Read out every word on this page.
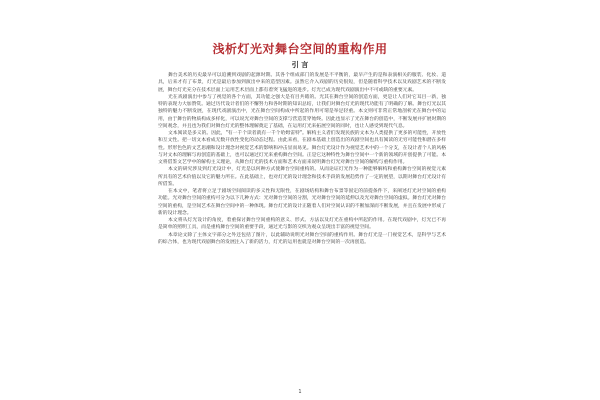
浅析灯光对舞台空间的重构作用
引 言

舞台美术的历史最早可以追溯到戏剧的起源时期。其各个组成部门的发展是不平衡的，最早产生的是和表演相关的服装、化妆、道具，后来才有了布景，灯光是最后参加到演出中来的造型因素。虽然它介入戏剧的历史很短，但是随着科学技术以及戏剧艺术的不断发展，舞台灯光充分在技术层面上运用艺术层面上都有着突飞猛进的进步。灯光已成为现代戏剧演出中不可或缺的重要元素。

光在戏剧演出中参与了视觉的各个方面，其功能之强大是有目共睹的。光其在舞台空间的创造方面，更是让人们对它耳目一新，独特的表现力大加赞赏。通过历代设计者们的不懈努力和各时期的知识总结，让我们对舞台灯光的现代功能有了明确的了解。舞台灯光以其独特的魅力不断发展，在现代戏剧演出中，光在舞台空间构成中所起的作用可谓是举足轻重。本文则可非常正常地剖析光在舞台中的运用，由于舞台的物质构成多样化，可以说光对舞台空间的支撑与营造贯穿始终。因此也显示了光在舞台的创造中，不断发展并扩展时期的空间观念，并且也为我们对舞台灯光的整体理解奠定了基础，在运用灯光来拓展空间的同时，也让人感受到现代气息。

文本阅读是多义的。因此，"有一千个读者就有一千个哈姆雷特"。解构主义者们发现民族的文本为人类提供了更多的可能性，开放性和互文性。把一切文本看成无数开放性变化的动态过程。由此来看，在剧本基础上创造出的戏剧空间也具有阅读的无穷可能性和潜在多样性。形形色色的文艺思潮和设计理念对视觉艺术的影响和冲击显而易见。舞台灯光设计作为视觉艺术中的一个分支，在设计者个人的风格与对文本的理解与再创造的基础上，也可以通过灯光来重构舞台空间。正是它这种特性为舞台空间中一个新的领域的开创提供了可能。本文将借鉴文艺学中的解构主义理论，从舞台灯光的技术方面和艺术方面来说明舞台灯光对舞台空间的解构与重构作用。

本文的研究涉及到灯光设计中，灯光是以何种方式使舞台空间重构的。从而论证灯光作为一种能够解构和重构舞台空间的视觉元素所具有的艺术价值以及它的魅力所在。在此基础上，也对灯光的设计理念和技术手段的发展趋势作了一定的展望，以期对舞台灯光设计有所借鉴。

在本文中，笔者将立足于剧场空间阅读的多义性和无限性，在剧场结构和舞台布景等固定的前提条件下，来阐述灯光对空间的重构功能。光对舞台空间的重构可分为以下几种方式：光对舞台空间的分割，光对舞台空间的延伸以及光对舞台空间的虚拟。舞台灯光对舞台空间的重构，是空间艺术在舞台空间中的一种体现。舞台灯光的设计正随着人们对空间认识的不断加深而不断发展，并且在发展中形成了新的设计理念。

本文将从灯光设计的角度，着重探讨舞台空间重构的意义、形式、方法以及灯光在重构中所起的作用。在现代戏剧中，灯光已不再是简单的照明工具，而是重构舞台空间的重要手段，通过光与影的交织为观众呈现出丰富的视觉空间。

本章论文除了主体文字部分之外还包括了图片，以此辅助说明光对舞台空间的重构作用。舞台灯光是一门视觉艺术，是科学与艺术的综合体，也为现代戏剧舞台的发展注入了新的活力，灯光的运用也就是对舞台空间的一次再创造。

1
